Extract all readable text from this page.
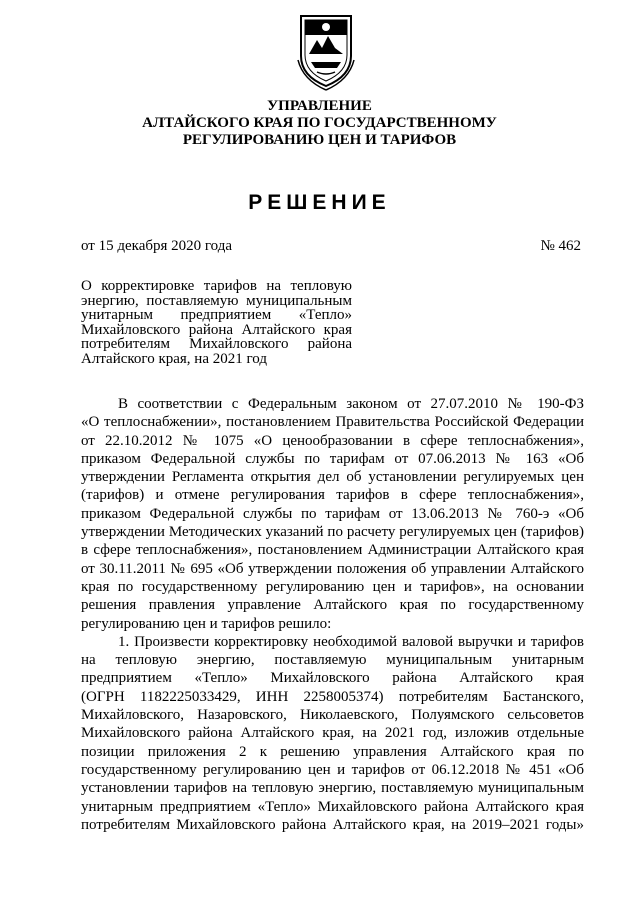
УПРАВЛЕНИЕ
АЛТАЙСКОГО КРАЯ ПО ГОСУДАРСТВЕННОМУ
РЕГУЛИРОВАНИЮ ЦЕН И ТАРИФОВ
РЕШЕНИЕ
от 15 декабря 2020 года	№ 462
О корректировке тарифов на тепловую
энергию, поставляемую муниципальным
унитарным предприятием «Тепло»
Михайловского района Алтайского края
потребителям Михайловского района
Алтайского края, на 2021 год
В соответствии с Федеральным законом от 27.07.2010 № 190-ФЗ
«О теплоснабжении», постановлением Правительства Российской Федерации
от 22.10.2012 № 1075 «О ценообразовании в сфере теплоснабжения»,
приказом Федеральной службы по тарифам от 07.06.2013 № 163 «Об
утверждении Регламента открытия дел об установлении регулируемых цен
(тарифов) и отмене регулирования тарифов в сфере теплоснабжения»,
приказом Федеральной службы по тарифам от 13.06.2013 № 760-э «Об
утверждении Методических указаний по расчету регулируемых цен (тарифов)
в сфере теплоснабжения», постановлением Администрации Алтайского края
от 30.11.2011 № 695 «Об утверждении положения об управлении Алтайского
края по государственному регулированию цен и тарифов», на основании
решения правления управление Алтайского края по государственному
регулированию цен и тарифов решило:
1. Произвести корректировку необходимой валовой выручки и тарифов
на тепловую энергию, поставляемую муниципальным унитарным
предприятием «Тепло» Михайловского района Алтайского края
(ОГРН 1182225033429, ИНН 2258005374) потребителям Бастанского,
Михайловского, Назаровского, Николаевского, Полуямского сельсоветов
Михайловского района Алтайского края, на 2021 год, изложив отдельные
позиции приложения 2 к решению управления Алтайского края по
государственному регулированию цен и тарифов от 06.12.2018 № 451 «Об
установлении тарифов на тепловую энергию, поставляемую муниципальным
унитарным предприятием «Тепло» Михайловского района Алтайского края
потребителям Михайловского района Алтайского края, на 2019–2021 годы»
